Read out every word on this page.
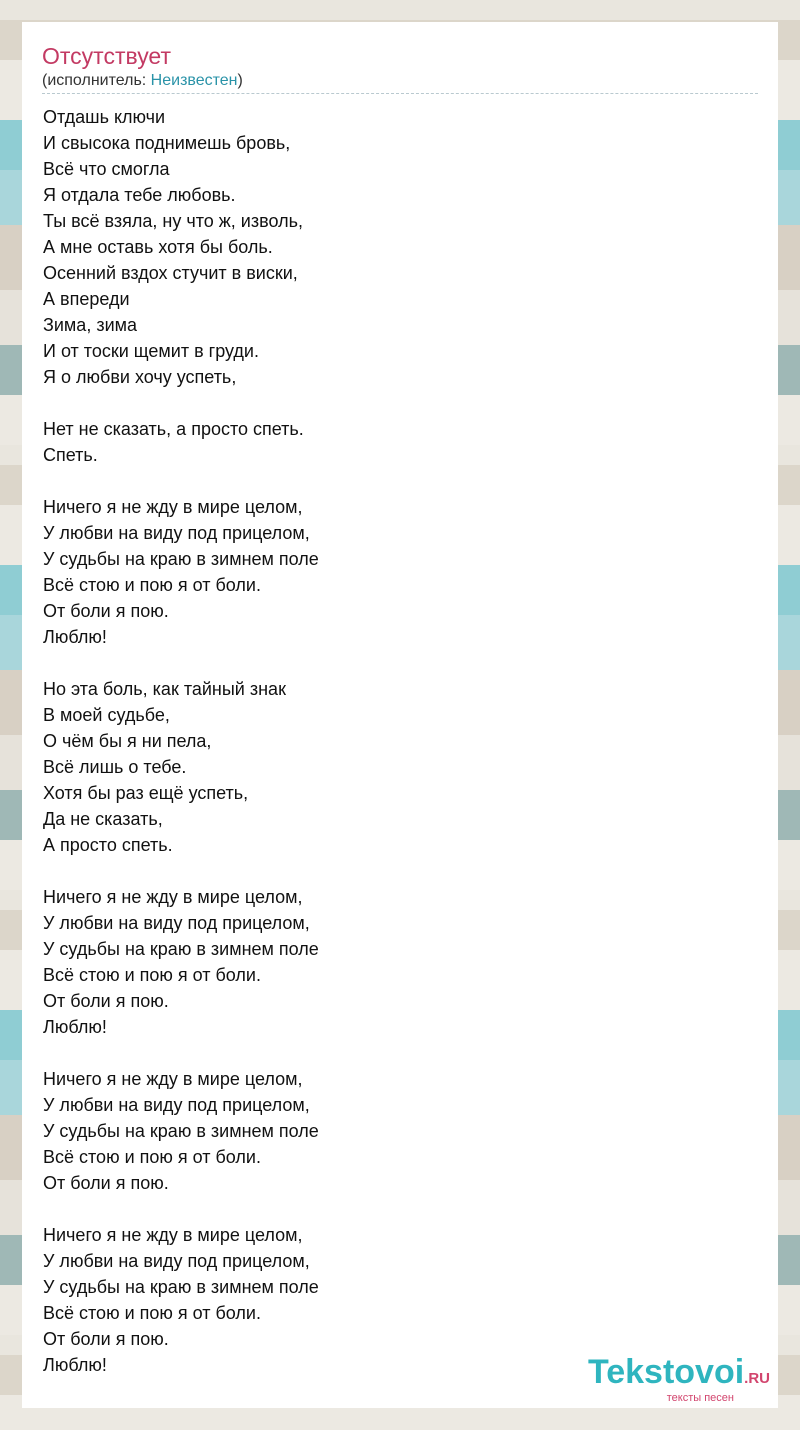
Отсутствует
(исполнитель: Неизвестен)
Отдашь ключи
И свысока поднимешь бровь,
Всё что смогла
Я отдала тебе любовь.
Ты всё взяла, ну что ж, изволь,
А мне оставь хотя бы боль.
Осенний вздох стучит в виски,
А впереди
Зима, зима
И от тоски щемит в груди.
Я о любви хочу успеть,
Нет не сказать, а просто спеть.
Спеть.
Ничего я не жду в мире целом,
У любви на виду под прицелом,
У судьбы на краю в зимнем поле
Всё стою и пою я от боли.
От боли я пою.
Люблю!
Но эта боль, как тайный знак
В моей судьбе,
О чём бы я ни пела,
Всё лишь о тебе.
Хотя бы раз ещё успеть,
Да не сказать,
А просто спеть.
Ничего я не жду в мире целом,
У любви на виду под прицелом,
У судьбы на краю в зимнем поле
Всё стою и пою я от боли.
От боли я пою.
Люблю!
Ничего я не жду в мире целом,
У любви на виду под прицелом,
У судьбы на краю в зимнем поле
Всё стою и пою я от боли.
От боли я пою.
Ничего я не жду в мире целом,
У любви на виду под прицелом,
У судьбы на краю в зимнем поле
Всё стою и пою я от боли.
От боли я пою.
Люблю!	Tekstovoi.RU
тексты песен
